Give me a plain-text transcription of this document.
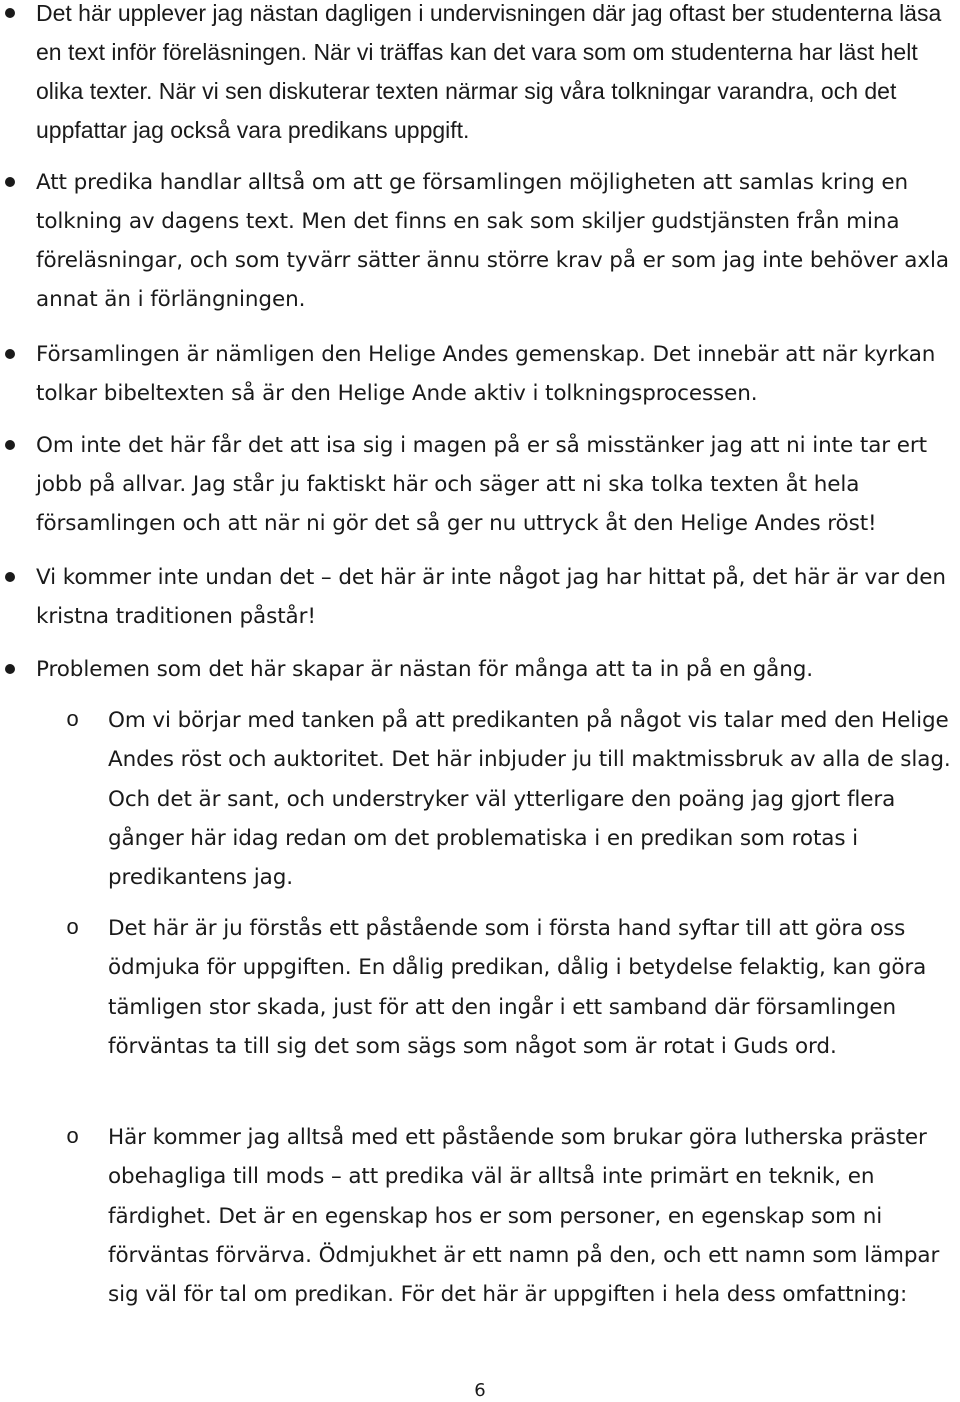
Det här upplever jag nästan dagligen i undervisningen där jag oftast ber studenterna läsa en text inför föreläsningen. När vi träffas kan det vara som om studenterna har läst helt olika texter. När vi sen diskuterar texten närmar sig våra tolkningar varandra, och det uppfattar jag också vara predikans uppgift.
Att predika handlar alltså om att ge församlingen möjligheten att samlas kring en tolkning av dagens text. Men det finns en sak som skiljer gudstjänsten från mina föreläsningar, och som tyvärr sätter ännu större krav på er som jag inte behöver axla annat än i förlängningen.
Församlingen är nämligen den Helige Andes gemenskap. Det innebär att när kyrkan tolkar bibeltexten så är den Helige Ande aktiv i tolkningsprocessen.
Om inte det här får det att isa sig i magen på er så misstänker jag att ni inte tar ert jobb på allvar. Jag står ju faktiskt här och säger att ni ska tolka texten åt hela församlingen och att när ni gör det så ger nu uttryck åt den Helige Andes röst!
Vi kommer inte undan det – det här är inte något jag har hittat på, det här är var den kristna traditionen påstår!
Problemen som det här skapar är nästan för många att ta in på en gång.
o Om vi börjar med tanken på att predikanten på något vis talar med den Helige Andes röst och auktoritet. Det här inbjuder ju till maktmissbruk av alla de slag. Och det är sant, och understryker väl ytterligare den poäng jag gjort flera gånger här idag redan om det problematiska i en predikan som rotas i predikantens jag.
o Det här är ju förstås ett påstående som i första hand syftar till att göra oss ödmjuka för uppgiften. En dålig predikan, dålig i betydelse felaktig, kan göra tämligen stor skada, just för att den ingår i ett samband där församlingen förväntas ta till sig det som sägs som något som är rotat i Guds ord.
o Här kommer jag alltså med ett påstående som brukar göra lutherska präster obehagliga till mods – att predika väl är alltså inte primärt en teknik, en färdighet. Det är en egenskap hos er som personer, en egenskap som ni förväntas förvärva. Ödmjukhet är ett namn på den, och ett namn som lämpar sig väl för tal om predikan. För det här är uppgiften i hela dess omfattning:
6
